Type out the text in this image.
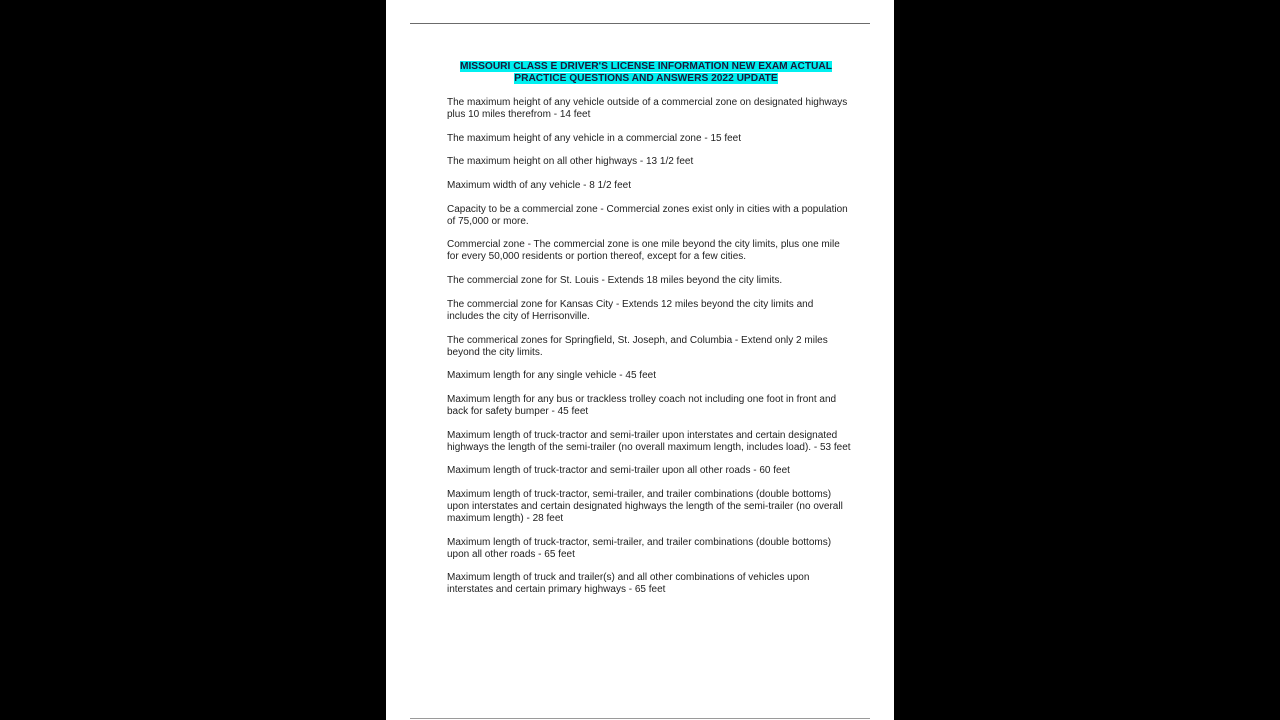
MISSOURI CLASS E DRIVER'S LICENSE INFORMATION NEW EXAM ACTUAL
PRACTICE QUESTIONS AND ANSWERS 2022 UPDATE

The maximum height of any vehicle outside of a commercial zone on designated highways plus 10 miles therefrom - 14 feet

The maximum height of any vehicle in a commercial zone - 15 feet

The maximum height on all other highways - 13 1/2 feet

Maximum width of any vehicle - 8 1/2 feet

Capacity to be a commercial zone - Commercial zones exist only in cities with a population of 75,000 or more.

Commercial zone - The commercial zone is one mile beyond the city limits, plus one mile for every 50,000 residents or portion thereof, except for a few cities.

The commercial zone for St. Louis - Extends 18 miles beyond the city limits.

The commercial zone for Kansas City - Extends 12 miles beyond the city limits and includes the city of Herrisonville.

The commerical zones for Springfield, St. Joseph, and Columbia - Extend only 2 miles beyond the city limits.

Maximum length for any single vehicle - 45 feet

Maximum length for any bus or trackless trolley coach not including one foot in front and back for safety bumper - 45 feet

Maximum length of truck-tractor and semi-trailer upon interstates and certain designated highways the length of the semi-trailer (no overall maximum length, includes load). - 53 feet

Maximum length of truck-tractor and semi-trailer upon all other roads - 60 feet

Maximum length of truck-tractor, semi-trailer, and trailer combinations (double bottoms) upon interstates and certain designated highways the length of the semi-trailer (no overall maximum length) - 28 feet

Maximum length of truck-tractor, semi-trailer, and trailer combinations (double bottoms) upon all other roads - 65 feet

Maximum length of truck and trailer(s) and all other combinations of vehicles upon interstates and certain primary highways - 65 feet
